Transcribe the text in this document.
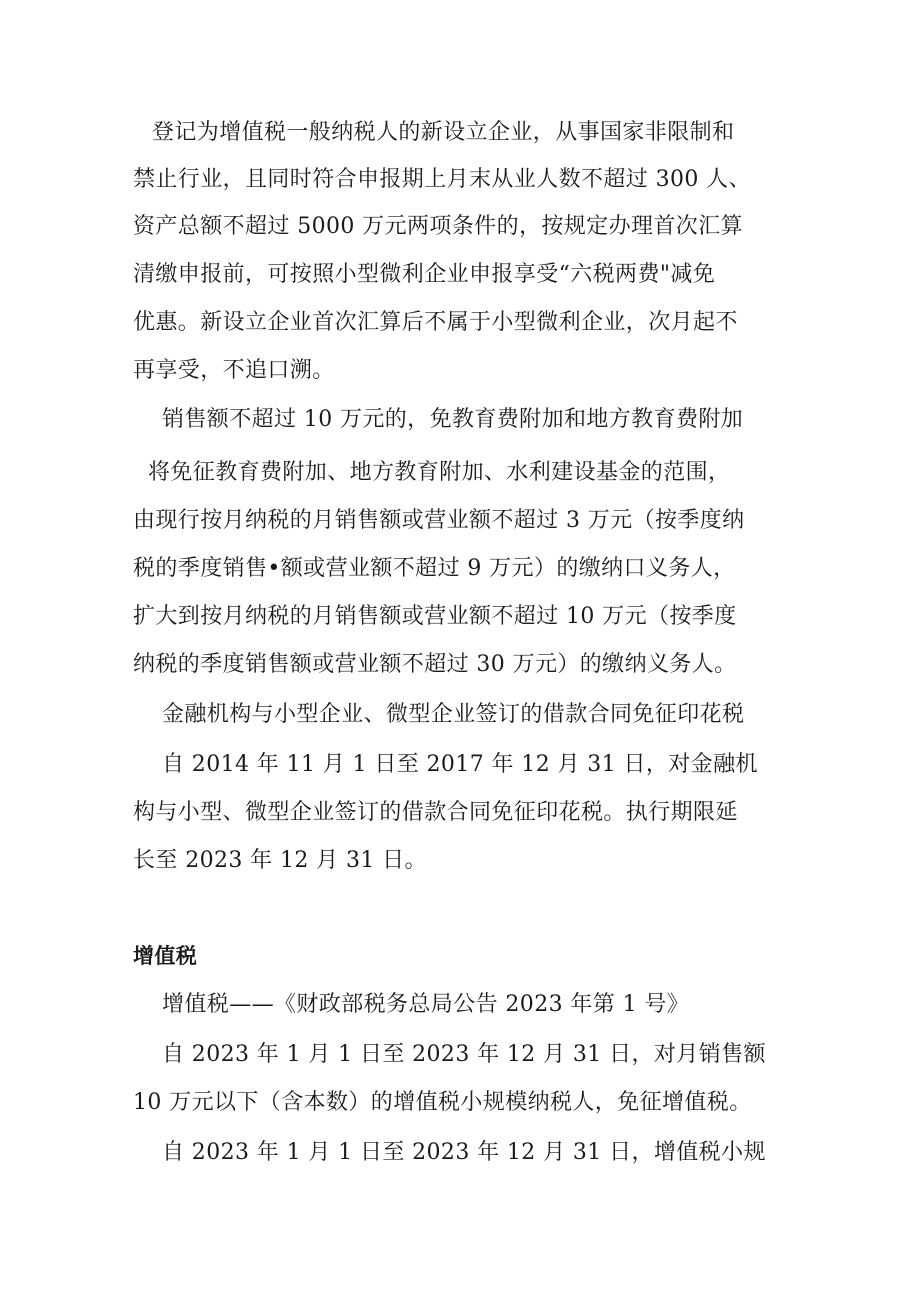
登记为增值税一般纳税人的新设立企业，从事国家非限制和
禁止行业，且同时符合申报期上月末从业人数不超过 300 人、
资产总额不超过 5000 万元两项条件的，按规定办理首次汇算
清缴申报前，可按照小型微利企业申报享受“六税两费"减免
优惠。新设立企业首次汇算后不属于小型微利企业，次月起不
再享受，不追口溯。
销售额不超过 10 万元的，免教育费附加和地方教育费附加
将免征教育费附加、地方教育附加、水利建设基金的范围，
由现行按月纳税的月销售额或营业额不超过 3 万元（按季度纳
税的季度销售•额或营业额不超过 9 万元）的缴纳口义务人，
扩大到按月纳税的月销售额或营业额不超过 10 万元（按季度
纳税的季度销售额或营业额不超过 30 万元）的缴纳义务人。
金融机构与小型企业、微型企业签订的借款合同免征印花税
自 2014 年 11 月 1 日至 2017 年 12 月 31 日，对金融机
构与小型、微型企业签订的借款合同免征印花税。执行期限延
长至 2023 年 12 月 31 日。
增值税
增值税——《财政部税务总局公告 2023 年第 1 号》
自 2023 年 1 月 1 日至 2023 年 12 月 31 日，对月销售额
10 万元以下（含本数）的增值税小规模纳税人，免征增值税。
自 2023 年 1 月 1 日至 2023 年 12 月 31 日，增值税小规
